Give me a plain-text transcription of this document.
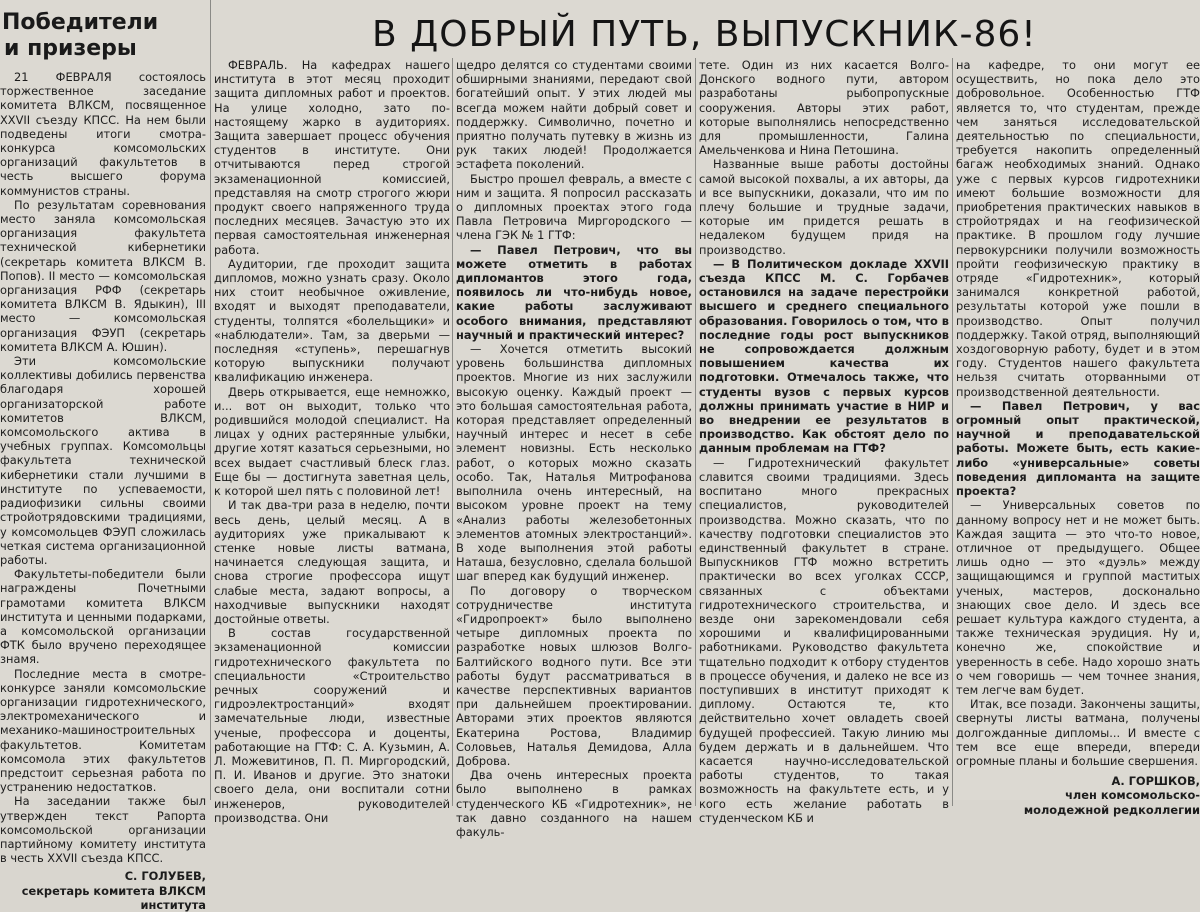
Победители
и призеры

21 ФЕВРАЛЯ состоялось торжественное заседание комитета ВЛКСМ, посвященное XXVII съезду КПСС. На нем были подведены итоги смотра-конкурса комсомольских организаций факультетов в честь высшего форума коммунистов страны.

По результатам соревнования место заняла комсомольская организация факультета технической кибернетики (секретарь комитета ВЛКСМ В. Попов). II место — комсомольская организация РФФ (секретарь комитета ВЛКСМ В. Ядыкин), III место — комсомольская организация ФЭУП (секретарь комитета ВЛКСМ А. Юшин).

Эти комсомольские коллективы добились первенства благодаря хорошей организаторской работе комитетов ВЛКСМ, комсомольского актива в учебных группах. Комсомольцы факультета технической кибернетики стали лучшими в институте по успеваемости, радиофизики сильны своими стройотрядовскими традициями, у комсомольцев ФЭУП сложилась четкая система организационной работы.

Факультеты-победители были награждены Почетными грамотами комитета ВЛКСМ института и ценными подарками, а комсомольской организации ФТК было вручено переходящее знамя.

Последние места в смотре-конкурсе заняли комсомольские организации гидротехнического, электромеханического и механико-машиностроительных факультетов. Комитетам комсомола этих факультетов предстоит серьезная работа по устранению недостатков.

На заседании также был утвержден текст Рапорта комсомольской организации партийному комитету института в честь XXVII съезда КПСС.

С. ГОЛУБЕВ,

секретарь комитета ВЛКСМ института

В ДОБРЫЙ ПУТЬ, ВЫПУСКНИК-86!

ФЕВРАЛЬ. На кафедрах нашего института в этот месяц проходит защита дипломных работ и проектов. На улице холодно, зато по-настоящему жарко в аудиториях. Защита завершает процесс обучения студентов в институте. Они отчитываются перед строгой экзаменационной комиссией, представляя на смотр строгого жюри продукт своего напряженного труда последних месяцев. Зачастую это их первая самостоятельная инженерная работа.

Аудитории, где проходит защита дипломов, можно узнать сразу. Около них стоит необычное оживление, входят и выходят преподаватели, студенты, толпятся «болельщики» и «наблюдатели». Там, за дверьми — последняя «ступень», перешагнув которую выпускники получают квалификацию инженера.

Дверь открывается, еще немножко, и... вот он выходит, только что родившийся молодой специалист. На лицах у одних растерянные улыбки, другие хотят казаться серьезными, но всех выдает счастливый блеск глаз. Еще бы — достигнута заветная цель, к которой шел пять с половиной лет!

И так два-три раза в неделю, почти весь день, целый месяц. А в аудиториях уже прикалывают к стенке новые листы ватмана, начинается следующая защита, и снова строгие профессора ищут слабые места, задают вопросы, а находчивые выпускники находят достойные ответы.

В состав государственной экзаменационной комиссии гидротехнического факультета по специальности «Строительство речных сооружений и гидроэлектростанций» входят замечательные люди, известные ученые, профессора и доценты, работающие на ГТФ: С. А. Кузьмин, А. Л. Можевитинов, П. П. Миргородский, П. И. Иванов и другие. Это знатоки своего дела, они воспитали сотни инженеров, руководителей производства. Они

щедро делятся со студентами своими обширными знаниями, передают свой богатейший опыт. У этих людей мы всегда можем найти добрый совет и поддержку. Символично, почетно и приятно получать путевку в жизнь из рук таких людей! Продолжается эстафета поколений.

Быстро прошел февраль, а вместе с ним и защита. Я попросил рассказать о дипломных проектах этого года Павла Петровича Миргородского — члена ГЭК № 1 ГТФ:

— Павел Петрович, что вы можете отметить в работах дипломантов этого года, появилось ли что-нибудь новое, какие работы заслуживают особого внимания, представляют научный и практический интерес?

— Хочется отметить высокий уровень большинства дипломных проектов. Многие из них заслужили высокую оценку. Каждый проект — это большая самостоятельная работа, которая представляет определенный научный интерес и несет в себе элемент новизны. Есть несколько работ, о которых можно сказать особо. Так, Наталья Митрофанова выполнила очень интересный, на высоком уровне проект на тему «Анализ работы железобетонных элементов атомных электростанций». В ходе выполнения этой работы Наташа, безусловно, сделала большой шаг вперед как будущий инженер.

По договору о творческом сотрудничестве института «Гидропроект» было выполнено четыре дипломных проекта по разработке новых шлюзов Волго-Балтийского водного пути. Все эти работы будут рассматриваться в качестве перспективных вариантов при дальнейшем проектировании. Авторами этих проектов являются Екатерина Ростова, Владимир Соловьев, Наталья Демидова, Алла Доброва.

Два очень интересных проекта было выполнено в рамках студенческого КБ «Гидротехник», не так давно созданного на нашем факуль-

тете. Один из них касается Волго-Донского водного пути, автором разработаны рыбопропускные сооружения. Авторы этих работ, которые выполнялись непосредственно для промышленности, Галина Амельченкова и Нина Петошина.

Названные выше работы достойны самой высокой похвалы, а их авторы, да и все выпускники, доказали, что им по плечу большие и трудные задачи, которые им придется решать в недалеком будущем придя на производство.

— В Политическом докладе XXVII съезда КПСС М. С. Горбачев остановился на задаче перестройки высшего и среднего специального образования. Говорилось о том, что в последние годы рост выпускников не сопровождается должным повышением качества их подготовки. Отмечалось также, что студенты вузов с первых курсов должны принимать участие в НИР и во внедрении ее результатов в производство. Как обстоят дело по данным проблемам на ГТФ?

— Гидротехнический факультет славится своими традициями. Здесь воспитано много прекрасных специалистов, руководителей производства. Можно сказать, что по качеству подготовки специалистов это единственный факультет в стране. Выпускников ГТФ можно встретить практически во всех уголках СССР, связанных с объектами гидротехнического строительства, и везде они зарекомендовали себя хорошими и квалифицированными работниками. Руководство факультета тщательно подходит к отбору студентов в процессе обучения, и далеко не все из поступивших в институт приходят к диплому. Остаются те, кто действительно хочет овладеть своей будущей профессией. Такую линию мы будем держать и в дальнейшем. Что касается научно-исследовательской работы студентов, то такая возможность на факультете есть, и у кого есть желание работать в студенческом КБ и

на кафедре, то они могут ее осуществить, но пока дело это добровольное. Особенностью ГТФ является то, что студентам, прежде чем заняться исследовательской деятельностью по специальности, требуется накопить определенный багаж необходимых знаний. Однако уже с первых курсов гидротехники имеют большие возможности для приобретения практических навыков в стройотрядах и на геофизической практике. В прошлом году лучшие первокурсники получили возможность пройти геофизическую практику в отряде «Гидротехник», который занимался конкретной работой, результаты которой уже пошли в производство. Опыт получил поддержку. Такой отряд, выполняющий хоздоговорную работу, будет и в этом году. Студентов нашего факультета нельзя считать оторванными от производственной деятельности.

— Павел Петрович, у вас огромный опыт практической, научной и преподавательской работы. Можете быть, есть какие-либо «универсальные» советы поведения дипломанта на защите проекта?

— Универсальных советов по данному вопросу нет и не может быть. Каждая защита — это что-то новое, отличное от предыдущего. Общее лишь одно — это «дуэль» между защищающимся и группой маститых ученых, мастеров, досконально знающих свое дело. И здесь все решает культура каждого студента, а также техническая эрудиция. Ну и, конечно же, спокойствие и уверенность в себе. Надо хорошо знать о чем говоришь — чем точнее знания, тем легче вам будет.

Итак, все позади. Закончены защиты, свернуты листы ватмана, получены долгожданные дипломы... И вместе с тем все еще впереди, впереди огромные планы и большие свершения.

А. ГОРШКОВ,

член комсомольско-

молодежной редколлегии
